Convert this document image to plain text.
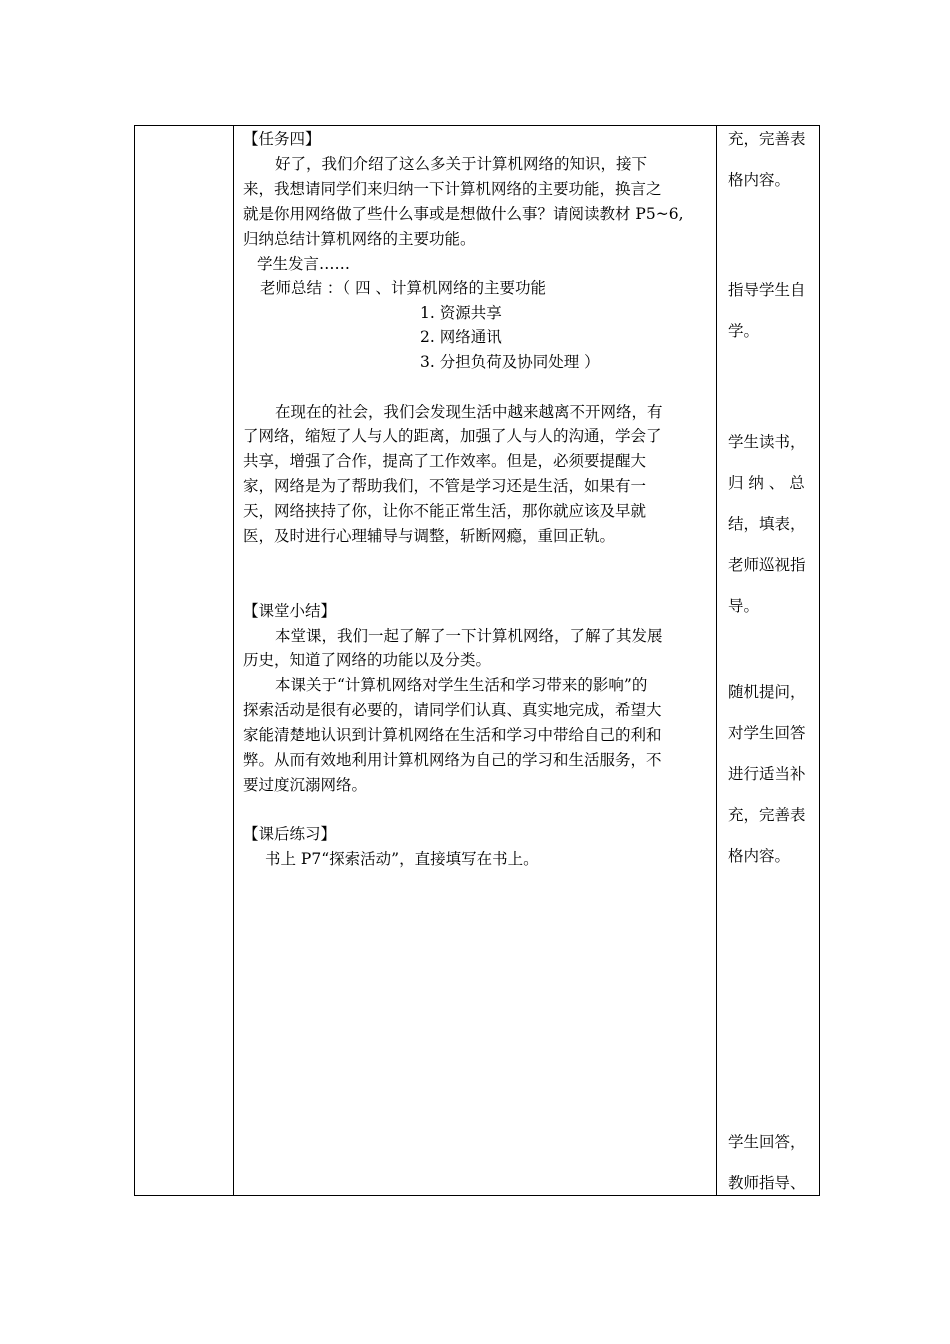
【任务四】
好了，我们介绍了这么多关于计算机网络的知识，接下
来，我想请同学们来归纳一下计算机网络的主要功能，换言之
就是你用网络做了些什么事或是想做什么事？请阅读教材 P5~6,
归纳总结计算机网络的主要功能。
学生发言……
老师总结 ：（ 四 、计算机网络的主要功能
1. 资源共享
2. 网络通讯
3. 分担负荷及协同处理 ）
在现在的社会，我们会发现生活中越来越离不开网络，有
了网络，缩短了人与人的距离，加强了人与人的沟通，学会了
共享，增强了合作，提高了工作效率。但是，必须要提醒大
家，网络是为了帮助我们，不管是学习还是生活，如果有一
天，网络挟持了你，让你不能正常生活，那你就应该及早就
医，及时进行心理辅导与调整，斩断网瘾，重回正轨。
【课堂小结】
本堂课，我们一起了解了一下计算机网络，了解了其发展
历史，知道了网络的功能以及分类。
本课关于“计算机网络对学生生活和学习带来的影响”的
探索活动是很有必要的，请同学们认真、真实地完成，希望大
家能清楚地认识到计算机网络在生活和学习中带给自己的利和
弊。从而有效地利用计算机网络为自己的学习和生活服务，不
要过度沉溺网络。
【课后练习】
书上 P7“探索活动”，直接填写在书上。
充，完善表
格内容。
指导学生自
学。
学生读书，
归 纳 、 总
结，填表，
老师巡视指
导。
随机提问，
对学生回答
进行适当补
充，完善表
格内容。
学生回答，
教师指导、
